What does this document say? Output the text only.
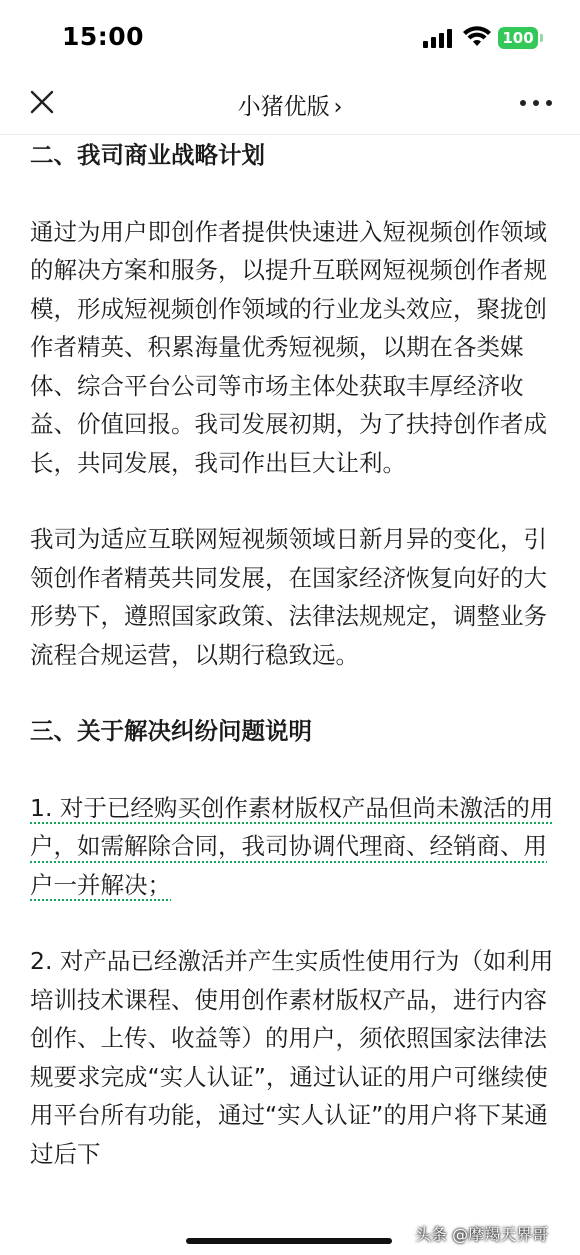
15:00	100
小猪优版 ›

二、我司商业战略计划

通过为用户即创作者提供快速进入短视频创作领域的解决方案和服务，以提升互联网短视频创作者规模，形成短视频创作领域的行业龙头效应，聚拢创作者精英、积累海量优秀短视频，以期在各类媒体、综合平台公司等市场主体处获取丰厚经济收益、价值回报。我司发展初期，为了扶持创作者成长，共同发展，我司作出巨大让利。

我司为适应互联网短视频领域日新月异的变化，引领创作者精英共同发展，在国家经济恢复向好的大形势下，遵照国家政策、法律法规规定，调整业务流程合规运营，以期行稳致远。

三、关于解决纠纷问题说明

1. 对于已经购买创作素材版权产品但尚未激活的用户，如需解除合同，我司协调代理商、经销商、用户一并解决；

2. 对产品已经激活并产生实质性使用行为（如利用培训技术课程、使用创作素材版权产品，进行内容创作、上传、收益等）的用户，须依照国家法律法规要求完成“实人认证”，通过认证的用户可继续使用平台所有功能，通过“实人认证”的用户将下某通过后下

头条 @摩羯天界哥
